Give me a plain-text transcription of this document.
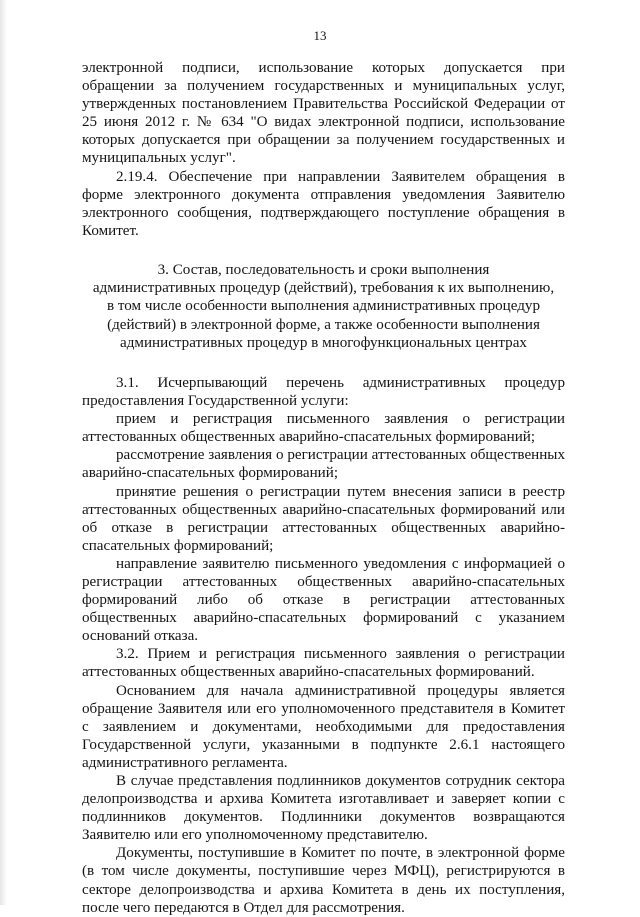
13

электронной подписи, использование которых допускается при обращении за получением государственных и муниципальных услуг, утвержденных постановлением Правительства Российской Федерации от 25 июня 2012 г. № 634 "О видах электронной подписи, использование которых допускается при обращении за получением государственных и муниципальных услуг".

2.19.4. Обеспечение при направлении Заявителем обращения в форме электронного документа отправления уведомления Заявителю электронного сообщения, подтверждающего поступление обращения в Комитет.

3. Состав, последовательность и сроки выполнения
административных процедур (действий), требования к их выполнению,
в том числе особенности выполнения административных процедур
(действий) в электронной форме, а также особенности выполнения
административных процедур в многофункциональных центрах

3.1. Исчерпывающий перечень административных процедур предоставления Государственной услуги:

прием и регистрация письменного заявления о регистрации аттестованных общественных аварийно-спасательных формирований;

рассмотрение заявления о регистрации аттестованных общественных аварийно-спасательных формирований;

принятие решения о регистрации путем внесения записи в реестр аттестованных общественных аварийно-спасательных формирований или об отказе в регистрации аттестованных общественных аварийно-спасательных формирований;

направление заявителю письменного уведомления с информацией о регистрации аттестованных общественных аварийно-спасательных формирований либо об отказе в регистрации аттестованных общественных аварийно-спасательных формирований с указанием оснований отказа.

3.2. Прием и регистрация письменного заявления о регистрации аттестованных общественных аварийно-спасательных формирований.

Основанием для начала административной процедуры является обращение Заявителя или его уполномоченного представителя в Комитет с заявлением и документами, необходимыми для предоставления Государственной услуги, указанными в подпункте 2.6.1 настоящего административного регламента.

В случае представления подлинников документов сотрудник сектора делопроизводства и архива Комитета изготавливает и заверяет копии с подлинников документов. Подлинники документов возвращаются Заявителю или его уполномоченному представителю.

Документы, поступившие в Комитет по почте, в электронной форме (в том числе документы, поступившие через МФЦ), регистрируются в секторе делопроизводства и архива Комитета в день их поступления, после чего передаются в Отдел для рассмотрения.
